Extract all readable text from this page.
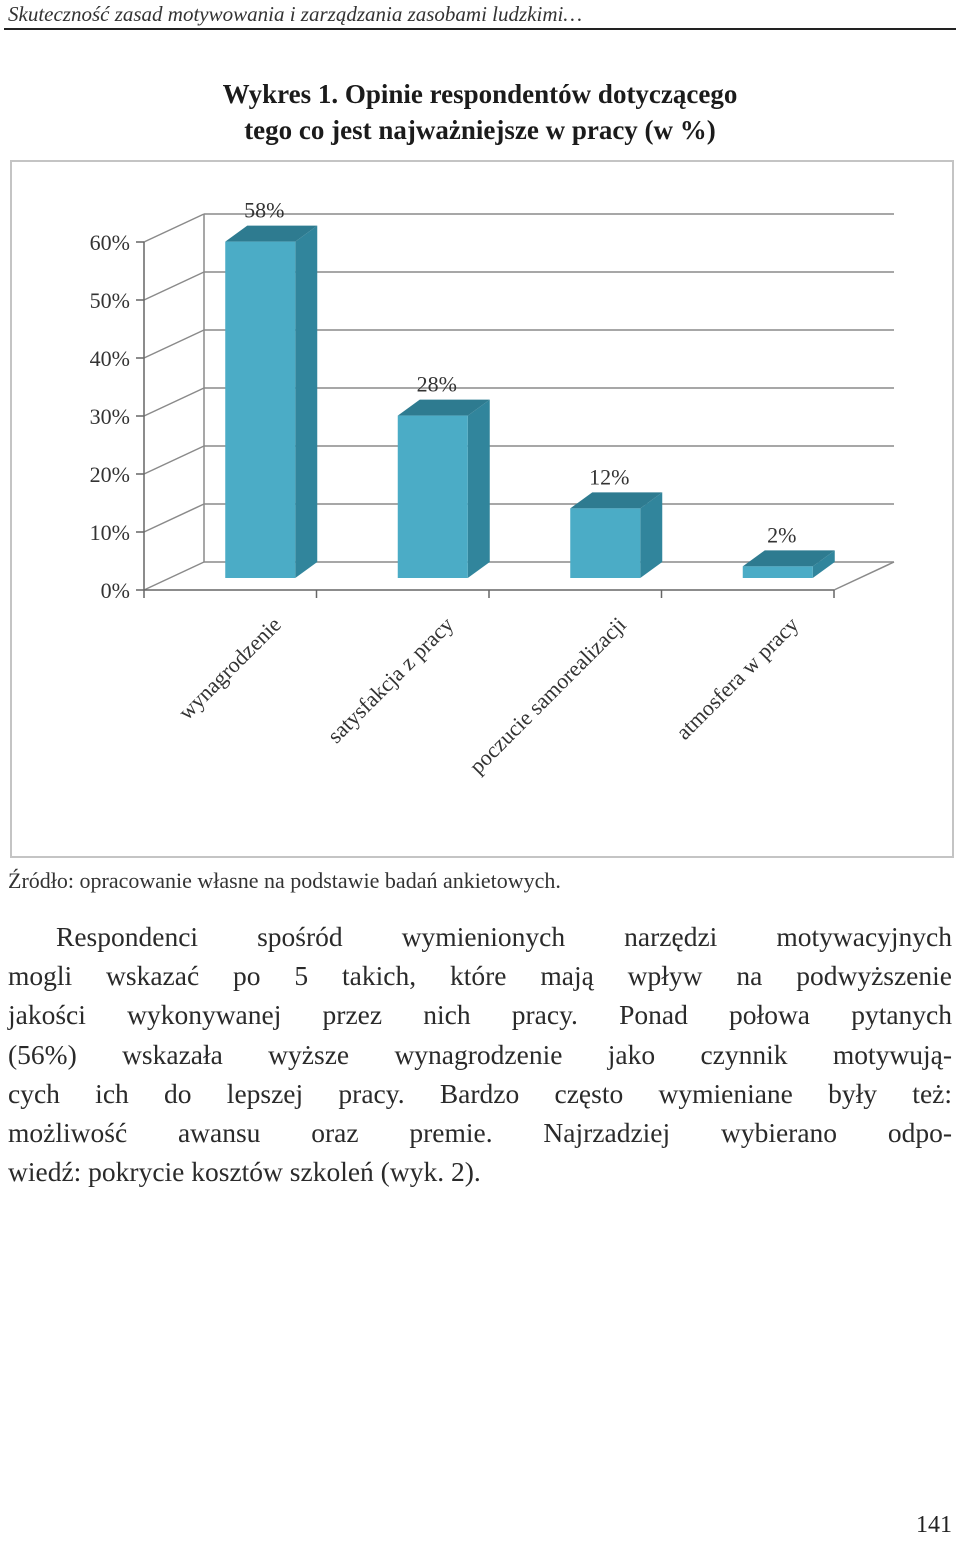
Skuteczność zasad motywowania i zarządzania zasobami ludzkimi…
Wykres 1. Opinie respondentów dotyczącego
tego co jest najważniejsze w pracy (w %)
0%
10%
20%
30%
40%
50%
60%
58%
wynagrodzenie
28%
satysfakcja z pracy
12%
poczucie samorealizacji
2%
atmosfera w pracy
Źródło: opracowanie własne na podstawie badań ankietowych.
Respondenci spośród wymienionych narzędzi motywacyjnych
mogli wskazać po 5 takich, które mają wpływ na podwyższenie
jakości wykonywanej przez nich pracy. Ponad połowa pytanych
(56%) wskazała wyższe wynagrodzenie jako czynnik motywują-
cych ich do lepszej pracy. Bardzo często wymieniane były też:
możliwość awansu oraz premie. Najrzadziej wybierano odpo-
wiedź: pokrycie kosztów szkoleń (wyk. 2).
141
